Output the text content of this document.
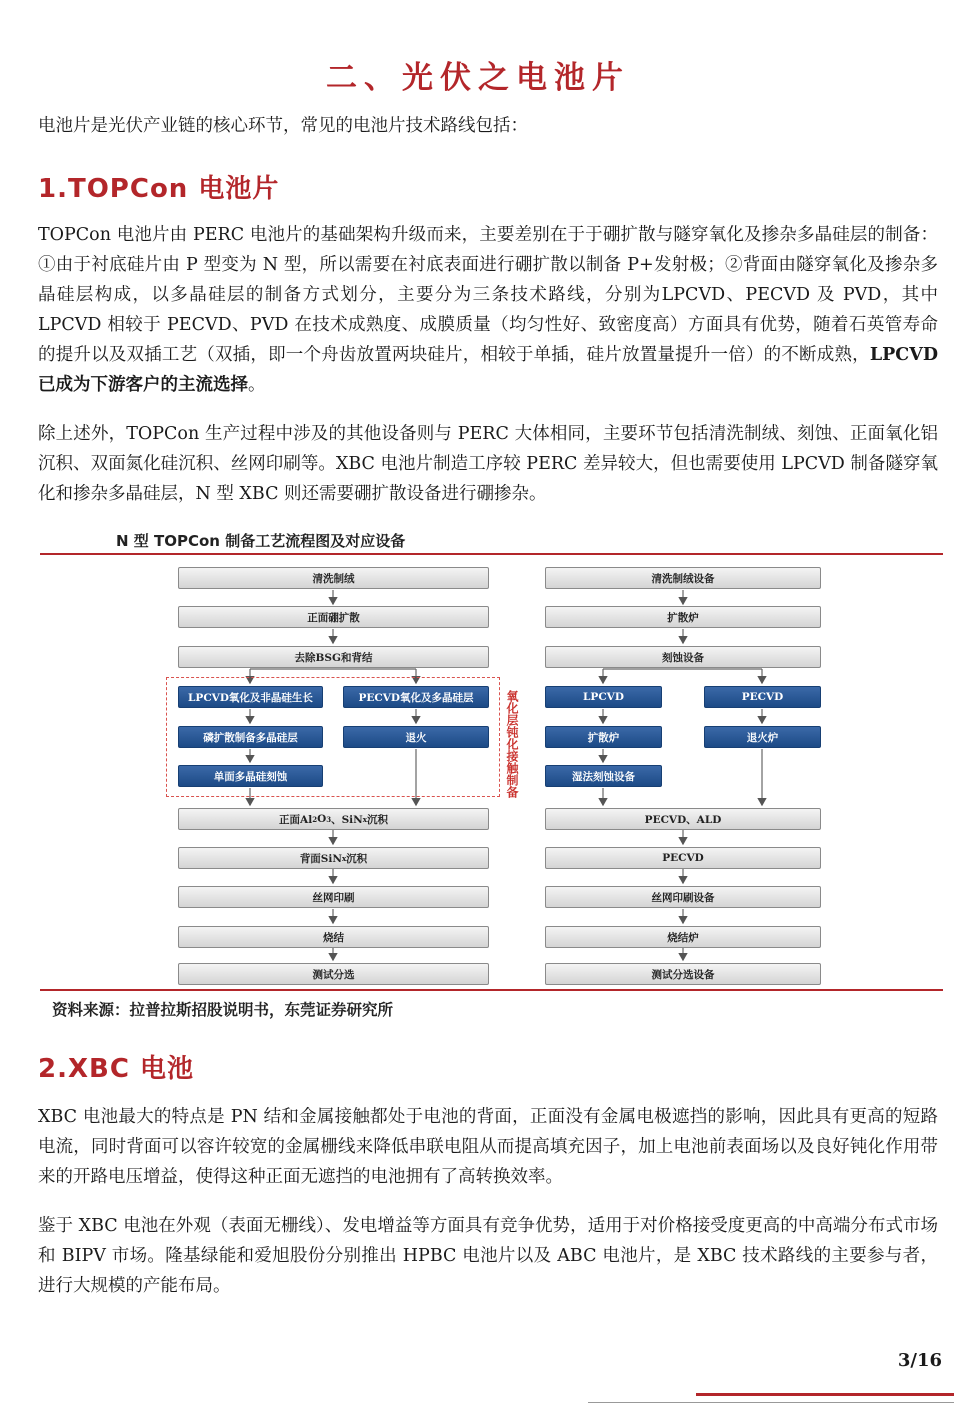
二、光伏之电池片

电池片是光伏产业链的核心环节，常见的电池片技术路线包括：

1.TOPCon 电池片

TOPCon 电池片由 PERC 电池片的基础架构升级而来，主要差别在于于硼扩散与隧穿氧化及掺杂多晶硅层的制备：①由于衬底硅片由 P 型变为 N 型，所以需要在衬底表面进行硼扩散以制备 P+发射极；②背面由隧穿氧化及掺杂多晶硅层构成，以多晶硅层的制备方式划分，主要分为三条技术路线，分别为LPCVD、PECVD 及 PVD，其中 LPCVD 相较于 PECVD、PVD 在技术成熟度、成膜质量（均匀性好、致密度高）方面具有优势，随着石英管寿命的提升以及双插工艺（双插，即一个舟齿放置两块硅片，相较于单插，硅片放置量提升一倍）的不断成熟，LPCVD 已成为下游客户的主流选择。

除上述外，TOPCon 生产过程中涉及的其他设备则与 PERC 大体相同，主要环节包括清洗制绒、刻蚀、正面氧化铝沉积、双面氮化硅沉积、丝网印刷等。XBC 电池片制造工序较 PERC 差异较大，但也需要使用 LPCVD 制备隧穿氧化和掺杂多晶硅层，N 型 XBC 则还需要硼扩散设备进行硼掺杂。

N 型 TOPCon 制备工艺流程图及对应设备

氧化层钝化接触制备
清洗制绒
正面硼扩散
去除BSG和背结
LPCVD氧化及非晶硅生长
磷扩散制备多晶硅层
单面多晶硅刻蚀
PECVD氧化及多晶硅层
退火
正面Al 2 O 3 、SiN x 沉积
背面SiN x 沉积
丝网印刷
烧结
测试分选
清洗制绒设备
扩散炉
刻蚀设备
LPCVD
扩散炉
湿法刻蚀设备
PECVD
退火炉
PECVD、ALD
PECVD
丝网印刷设备
烧结炉
测试分选设备

资料来源：拉普拉斯招股说明书，东莞证券研究所

2.XBC 电池

XBC 电池最大的特点是 PN 结和金属接触都处于电池的背面，正面没有金属电极遮挡的影响，因此具有更高的短路电流，同时背面可以容许较宽的金属栅线来降低串联电阻从而提高填充因子，加上电池前表面场以及良好钝化作用带来的开路电压增益，使得这种正面无遮挡的电池拥有了高转换效率。

鉴于 XBC 电池在外观（表面无栅线）、发电增益等方面具有竞争优势，适用于对价格接受度更高的中高端分布式市场和 BIPV 市场。隆基绿能和爱旭股份分别推出 HPBC 电池片以及 ABC 电池片，是 XBC 技术路线的主要参与者，进行大规模的产能布局。

3/16
